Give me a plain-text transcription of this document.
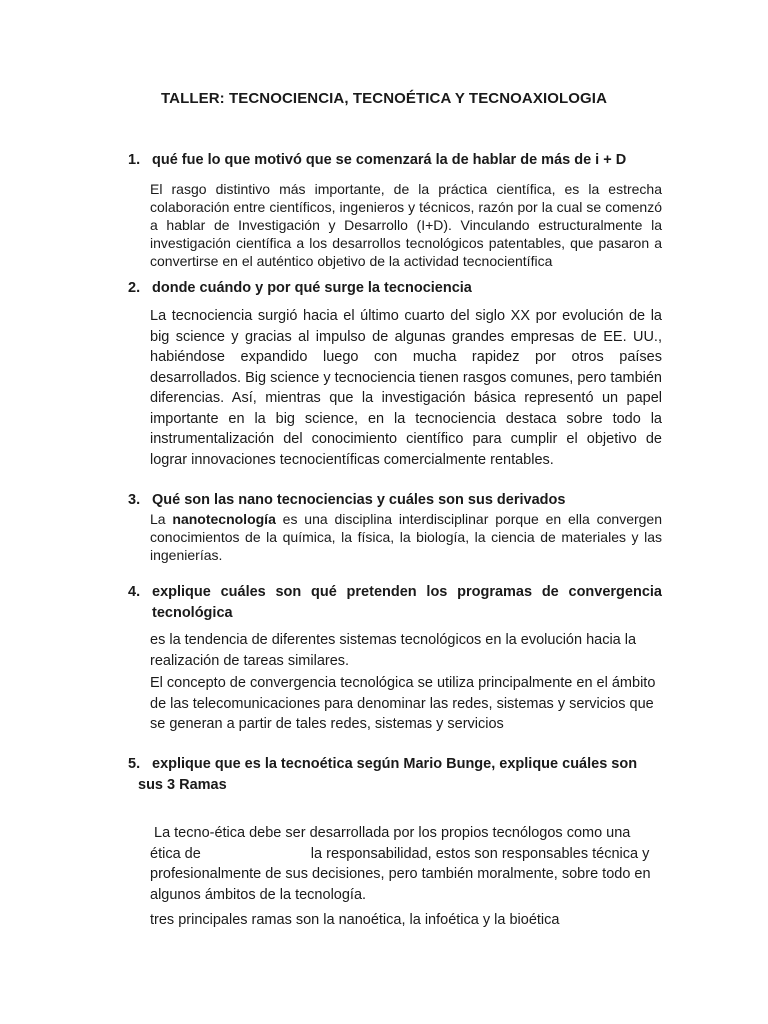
TALLER: TECNOCIENCIA, TECNOÉTICA Y TECNOAXIOLOGIA
1. qué fue lo que motivó que se comenzará la de hablar de más de i + D
El rasgo distintivo más importante, de la práctica científica, es la estrecha colaboración entre científicos, ingenieros y técnicos, razón por la cual se comenzó a hablar de Investigación y Desarrollo (I+D). Vinculando estructuralmente la investigación científica a los desarrollos tecnológicos patentables, que pasaron a convertirse en el auténtico objetivo de la actividad tecnocientífica
2. donde cuándo y por qué surge la tecnociencia
La tecnociencia surgió hacia el último cuarto del siglo XX por evolución de la big science y gracias al impulso de algunas grandes empresas de EE. UU., habiéndose expandido luego con mucha rapidez por otros países desarrollados. Big science y tecnociencia tienen rasgos comunes, pero también diferencias. Así, mientras que la investigación básica representó un papel importante en la big science, en la tecnociencia destaca sobre todo la instrumentalización del conocimiento científico para cumplir el objetivo de lograr innovaciones tecnocientíficas comercialmente rentables.
3. Qué son las nano tecnociencias y cuáles son sus derivados
La nanotecnología es una disciplina interdisciplinar porque en ella convergen conocimientos de la química, la física, la biología, la ciencia de materiales y las ingenierías.
4. explique cuáles son qué pretenden los programas de convergencia tecnológica
es la tendencia de diferentes sistemas tecnológicos en la evolución hacia la realización de tareas similares.
El concepto de convergencia tecnológica se utiliza principalmente en el ámbito de las telecomunicaciones para denominar las redes, sistemas y servicios que se generan a partir de tales redes, sistemas y servicios
5. explique que es la tecnoética según Mario Bunge, explique cuáles son
sus 3 Ramas
La tecno-ética debe ser desarrollada por los propios tecnólogos como una ética de	la responsabilidad, estos son responsables técnica y profesionalmente de sus decisiones, pero también moralmente, sobre todo en algunos ámbitos de la tecnología.
tres principales ramas son la nanoética, la infoética y la bioética
